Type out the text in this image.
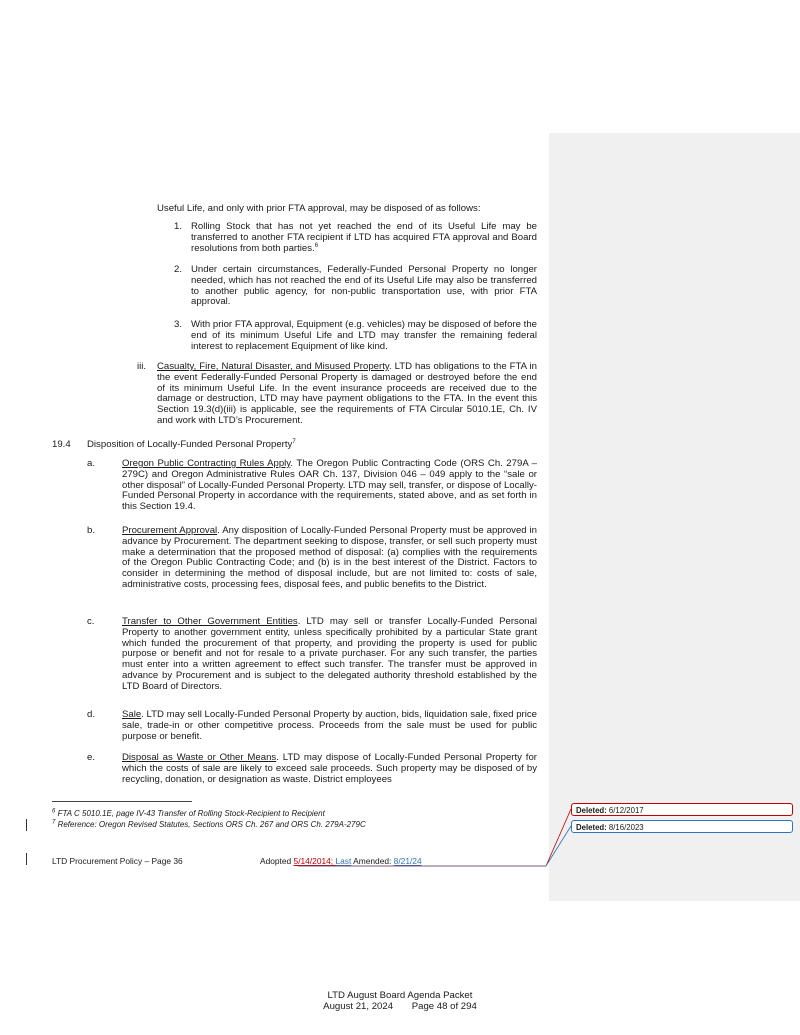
Useful Life, and only with prior FTA approval, may be disposed of as follows:
1. Rolling Stock that has not yet reached the end of its Useful Life may be transferred to another FTA recipient if LTD has acquired FTA approval and Board resolutions from both parties.$^6$
2. Under certain circumstances, Federally-Funded Personal Property no longer needed, which has not reached the end of its Useful Life may also be transferred to another public agency, for non-public transportation use, with prior FTA approval.
3. With prior FTA approval, Equipment (e.g. vehicles) may be disposed of before the end of its minimum Useful Life and LTD may transfer the remaining federal interest to replacement Equipment of like kind.
iii. Casualty, Fire, Natural Disaster, and Misused Property. LTD has obligations to the FTA in the event Federally-Funded Personal Property is damaged or destroyed before the end of its minimum Useful Life. In the event insurance proceeds are received due to the damage or destruction, LTD may have payment obligations to the FTA. In the event this Section 19.3(d)(iii) is applicable, see the requirements of FTA Circular 5010.1E, Ch. IV and work with LTD’s Procurement.
19.4 Disposition of Locally-Funded Personal Property$^7$
a.	Oregon Public Contracting Rules Apply. The Oregon Public Contracting Code (ORS Ch. 279A – 279C) and Oregon Administrative Rules OAR Ch. 137, Division 046 – 049 apply to the “sale or other disposal” of Locally-Funded Personal Property. LTD may sell, transfer, or dispose of Locally-Funded Personal Property in accordance with the requirements, stated above, and as set forth in this Section 19.4.
b.	Procurement Approval. Any disposition of Locally-Funded Personal Property must be approved in advance by Procurement. The department seeking to dispose, transfer, or sell such property must make a determination that the proposed method of disposal: (a) complies with the requirements of the Oregon Public Contracting Code; and (b) is in the best interest of the District. Factors to consider in determining the method of disposal include, but are not limited to: costs of sale, administrative costs, processing fees, disposal fees, and public benefits to the District.
c.	Transfer to Other Government Entities. LTD may sell or transfer Locally-Funded Personal Property to another government entity, unless specifically prohibited by a particular State grant which funded the procurement of that property, and providing the property is used for public purpose or benefit and not for resale to a private purchaser. For any such transfer, the parties must enter into a written agreement to effect such transfer. The transfer must be approved in advance by Procurement and is subject to the delegated authority threshold established by the LTD Board of Directors.
d.	Sale. LTD may sell Locally-Funded Personal Property by auction, bids, liquidation sale, fixed price sale, trade-in or other competitive process. Proceeds from the sale must be used for public purpose or benefit.
e.	Disposal as Waste or Other Means. LTD may dispose of Locally-Funded Personal Property for which the costs of sale are likely to exceed sale proceeds. Such property may be disposed of by recycling, donation, or designation as waste. District employees
$^6$ FTA C 5010.1E, page IV-43 Transfer of Rolling Stock-Recipient to Recipient
$^7$ Reference: Oregon Revised Statutes, Sections ORS Ch. 267 and ORS Ch. 279A-279C
LTD Procurement Policy – Page 36	Adopted 5/14/2014; Last Amended: 8/21/24
Deleted: 6/12/2017
Deleted: 8/16/2023
LTD August Board Agenda Packet
August 21, 2024 Page 48 of 294
